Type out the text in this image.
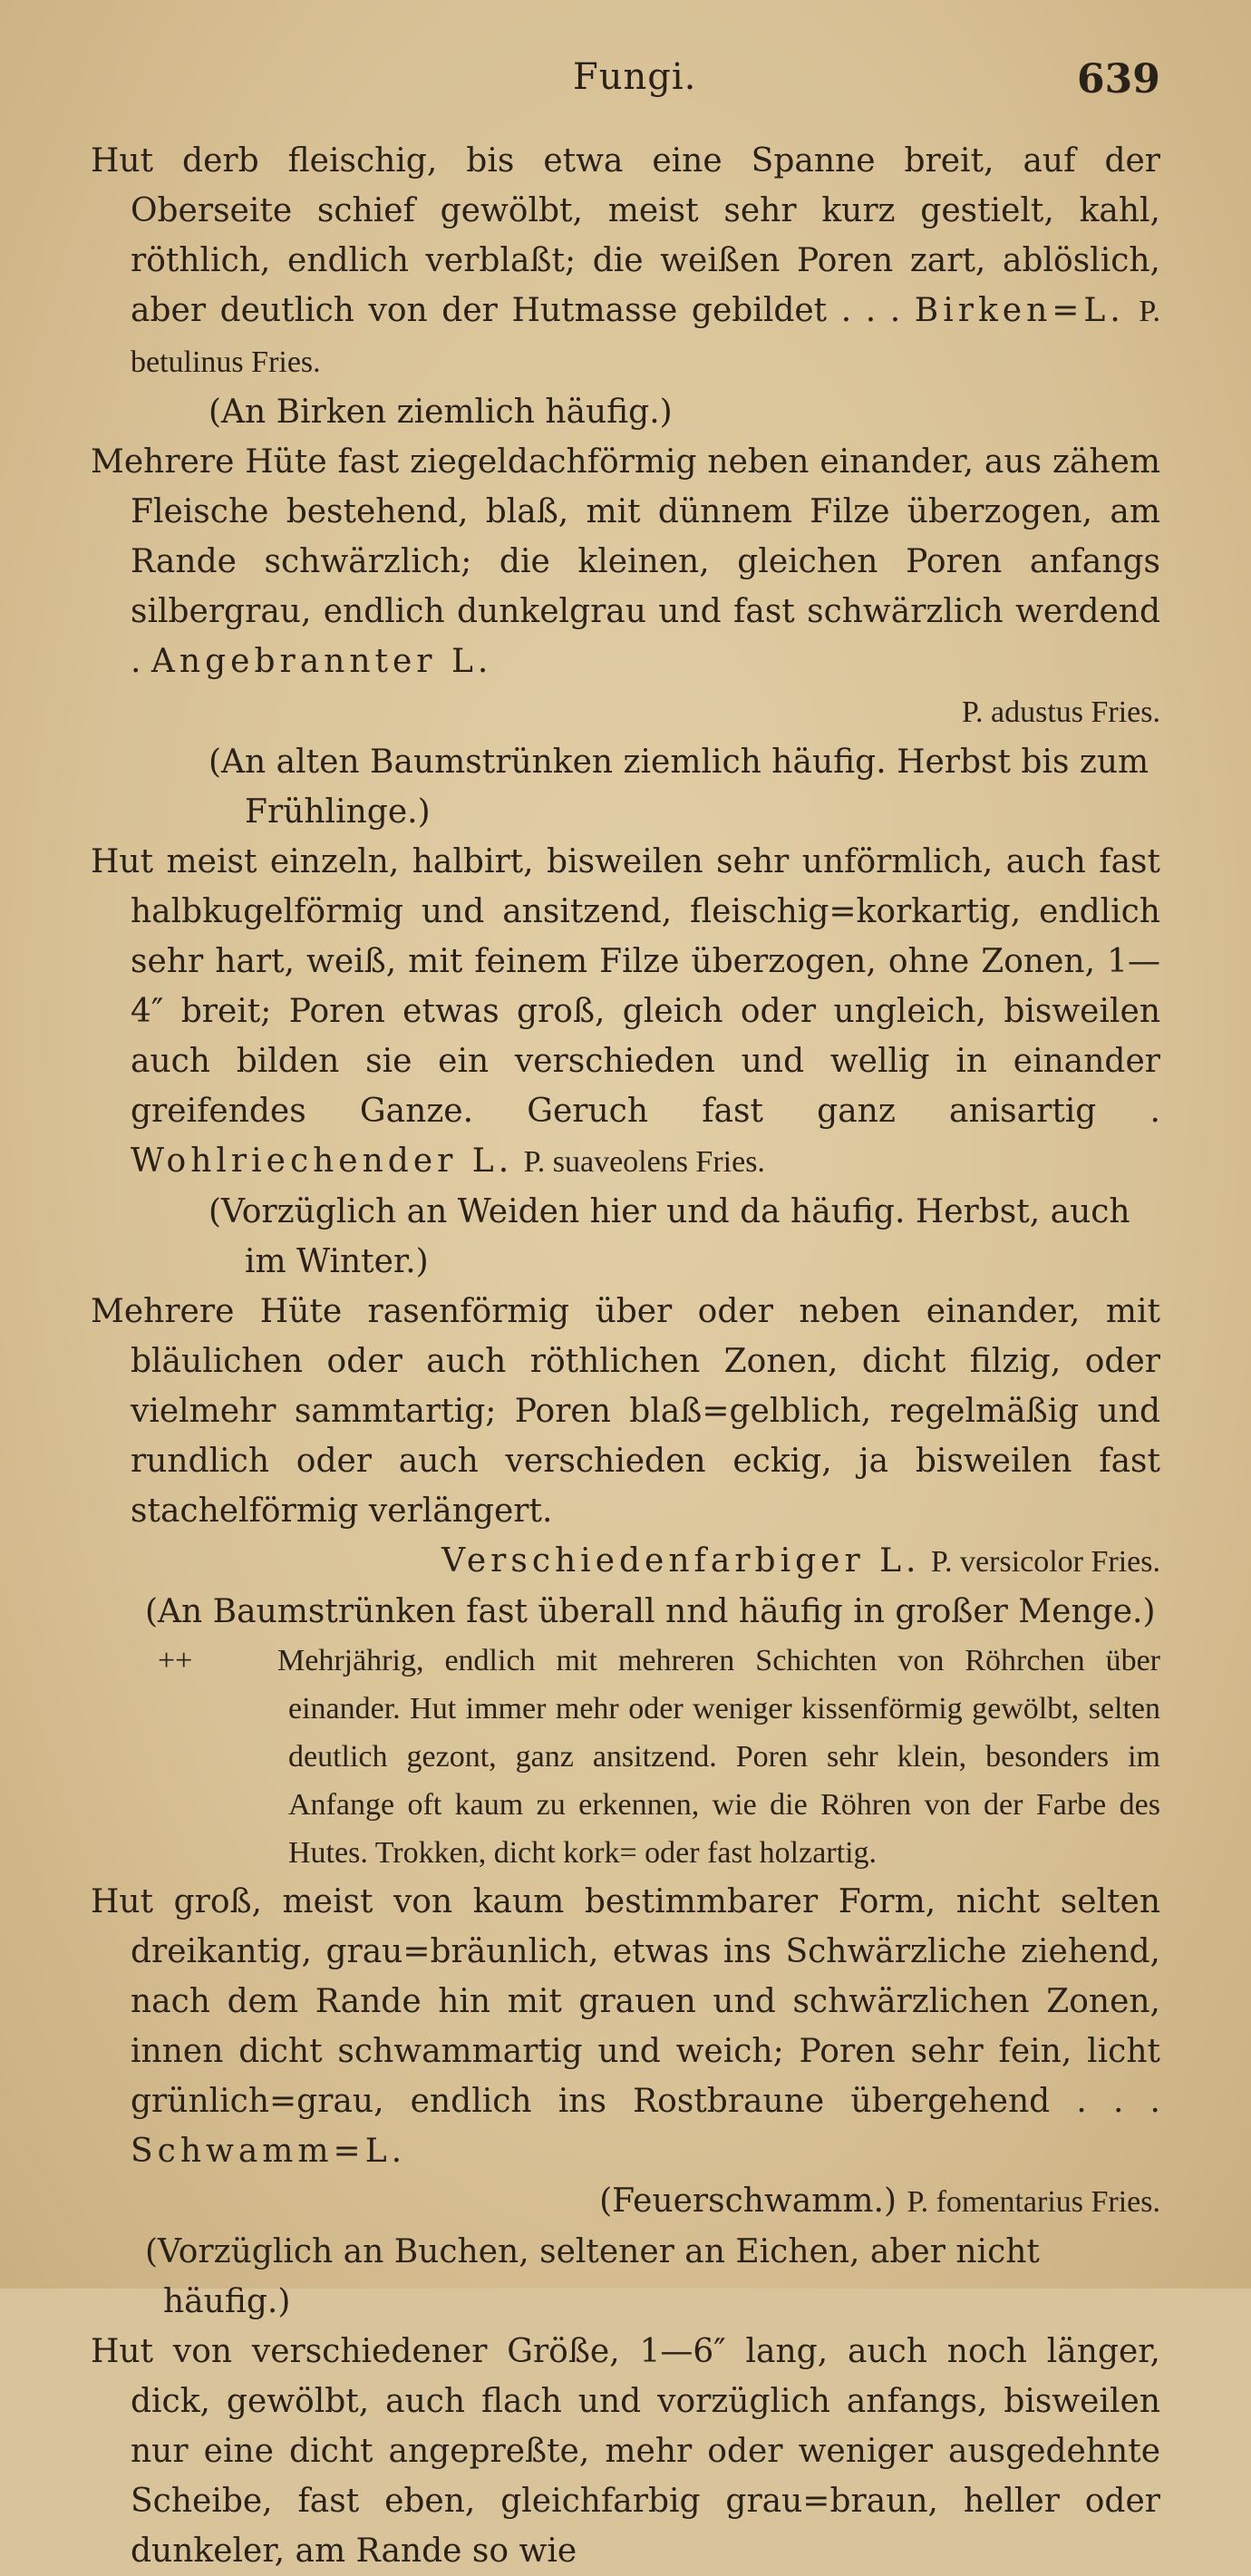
Fungi.	639

Hut derb fleischig, bis etwa eine Spanne breit, auf der Oberseite schief gewölbt, meist sehr kurz gestielt, kahl, röthlich, endlich verblaßt; die weißen Poren zart, ablöslich, aber deutlich von der Hutmasse gebildet . . . Birken=L. P. betulinus Fries.

(An Birken ziemlich häufig.)

Mehrere Hüte fast ziegeldachförmig neben einander, aus zähem Fleische bestehend, blaß, mit dünnem Filze überzogen, am Rande schwärzlich; die kleinen, gleichen Poren anfangs silbergrau, endlich dunkelgrau und fast schwärzlich werdend . Angebrannter L.

P. adustus Fries.

(An alten Baumstrünken ziemlich häufig. Herbst bis zum Frühlinge.)

Hut meist einzeln, halbirt, bisweilen sehr unförmlich, auch fast halbkugelförmig und ansitzend, fleischig=korkartig, endlich sehr hart, weiß, mit feinem Filze überzogen, ohne Zonen, 1—4″ breit; Poren etwas groß, gleich oder ungleich, bisweilen auch bilden sie ein verschieden und wellig in einander greifendes Ganze. Geruch fast ganz anisartig . Wohlriechender L. P. suaveolens Fries.

(Vorzüglich an Weiden hier und da häufig. Herbst, auch im Winter.)

Mehrere Hüte rasenförmig über oder neben einander, mit bläulichen oder auch röthlichen Zonen, dicht filzig, oder vielmehr sammtartig; Poren blaß=gelblich, regelmäßig und rundlich oder auch verschieden eckig, ja bisweilen fast stachelförmig verlängert.

Verschiedenfarbiger L. P. versicolor Fries.

(An Baumstrünken fast überall nnd häufig in großer Menge.)

++	Mehrjährig, endlich mit mehreren Schichten von Röhrchen über einander. Hut immer mehr oder weniger kissenförmig gewölbt, selten deutlich gezont, ganz ansitzend. Poren sehr klein, besonders im Anfange oft kaum zu erkennen, wie die Röhren von der Farbe des Hutes. Trokken, dicht kork= oder fast holzartig.

Hut groß, meist von kaum bestimmbarer Form, nicht selten dreikantig, grau=bräunlich, etwas ins Schwärzliche ziehend, nach dem Rande hin mit grauen und schwärzlichen Zonen, innen dicht schwammartig und weich; Poren sehr fein, licht grünlich=grau, endlich ins Rostbraune übergehend . . . Schwamm=L.

(Feuerschwamm.) P. fomentarius Fries.

(Vorzüglich an Buchen, seltener an Eichen, aber nicht häufig.)

Hut von verschiedener Größe, 1—6″ lang, auch noch länger, dick, gewölbt, auch flach und vorzüglich anfangs, bisweilen nur eine dicht angepreßte, mehr oder weniger ausgedehnte Scheibe, fast eben, gleichfarbig grau=braun, heller oder dunkeler, am Rande so wie
